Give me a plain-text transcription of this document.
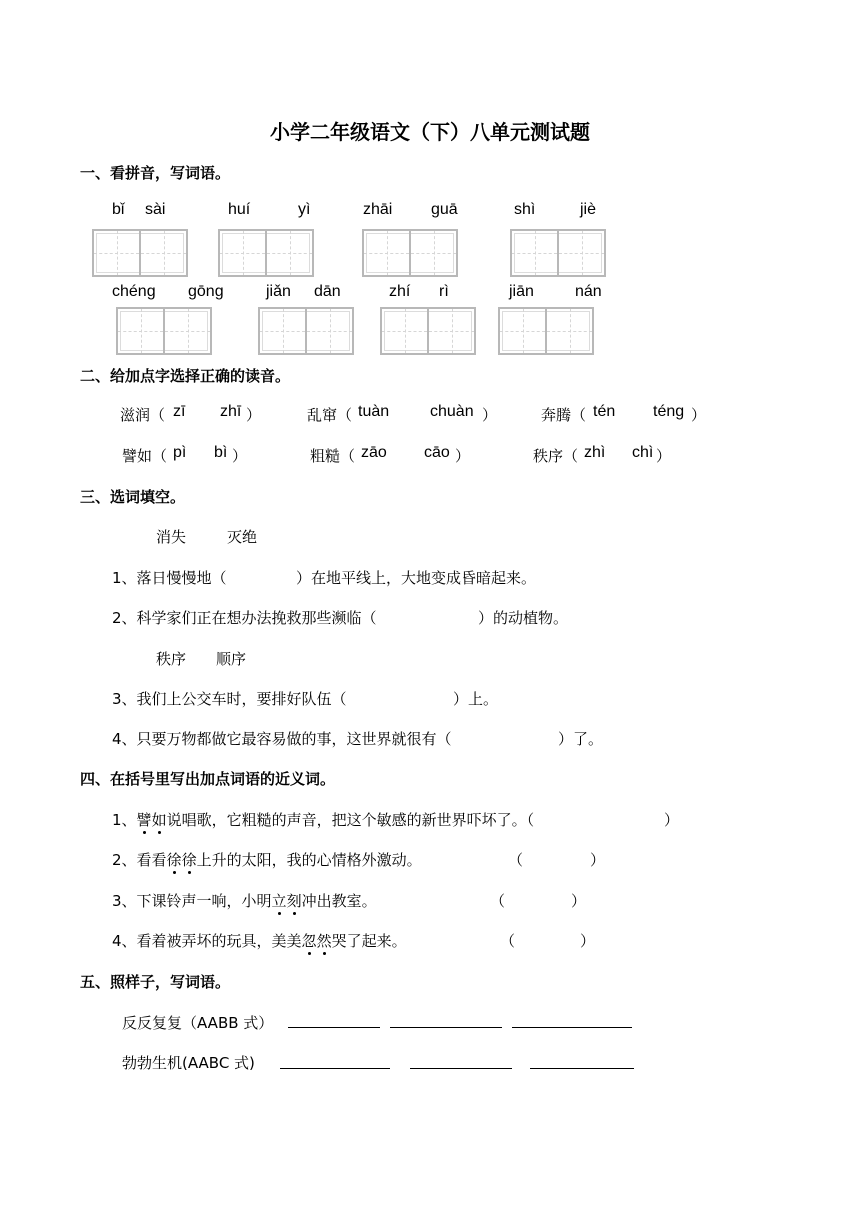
小学二年级语文（下）八单元测试题
一、看拼音，写词语。
bǐ sài	huí	yì	zhāi guā	shì	jiè
chéng gōng	jiǎn dān	zhí rì	jiān	nán
二、给加点字选择正确的读音。
滋润（ zī zhī ）	乱窜（ tuàn	chuàn ）	奔腾（ tén téng ）
譬如（ pì bì ）	粗糙（ zāo cāo ）	秩序（ zhì chì ）
三、选词填空。
消失	灭绝
1、落日慢慢地（	）在地平线上，大地变成昏暗起来。
2、科学家们正在想办法挽救那些濒临（	）的动植物。
秩序 顺序
3、我们上公交车时，要排好队伍（	）上。
4、只要万物都做它最容易做的事，这世界就很有（	）了。
四、在括号里写出加点词语的近义词。
1、譬如说唱歌，它粗糙的声音，把这个敏感的新世界吓坏了。（	）
2、看看徐徐上升的太阳，我的心情格外激动。	（	）
3、下课铃声一响，小明立刻冲出教室。	（	）
4、看着被弄坏的玩具，美美忽然哭了起来。	（	）
五、照样子，写词语。
反反复复（AABB 式）
勃勃生机(AABC 式)
